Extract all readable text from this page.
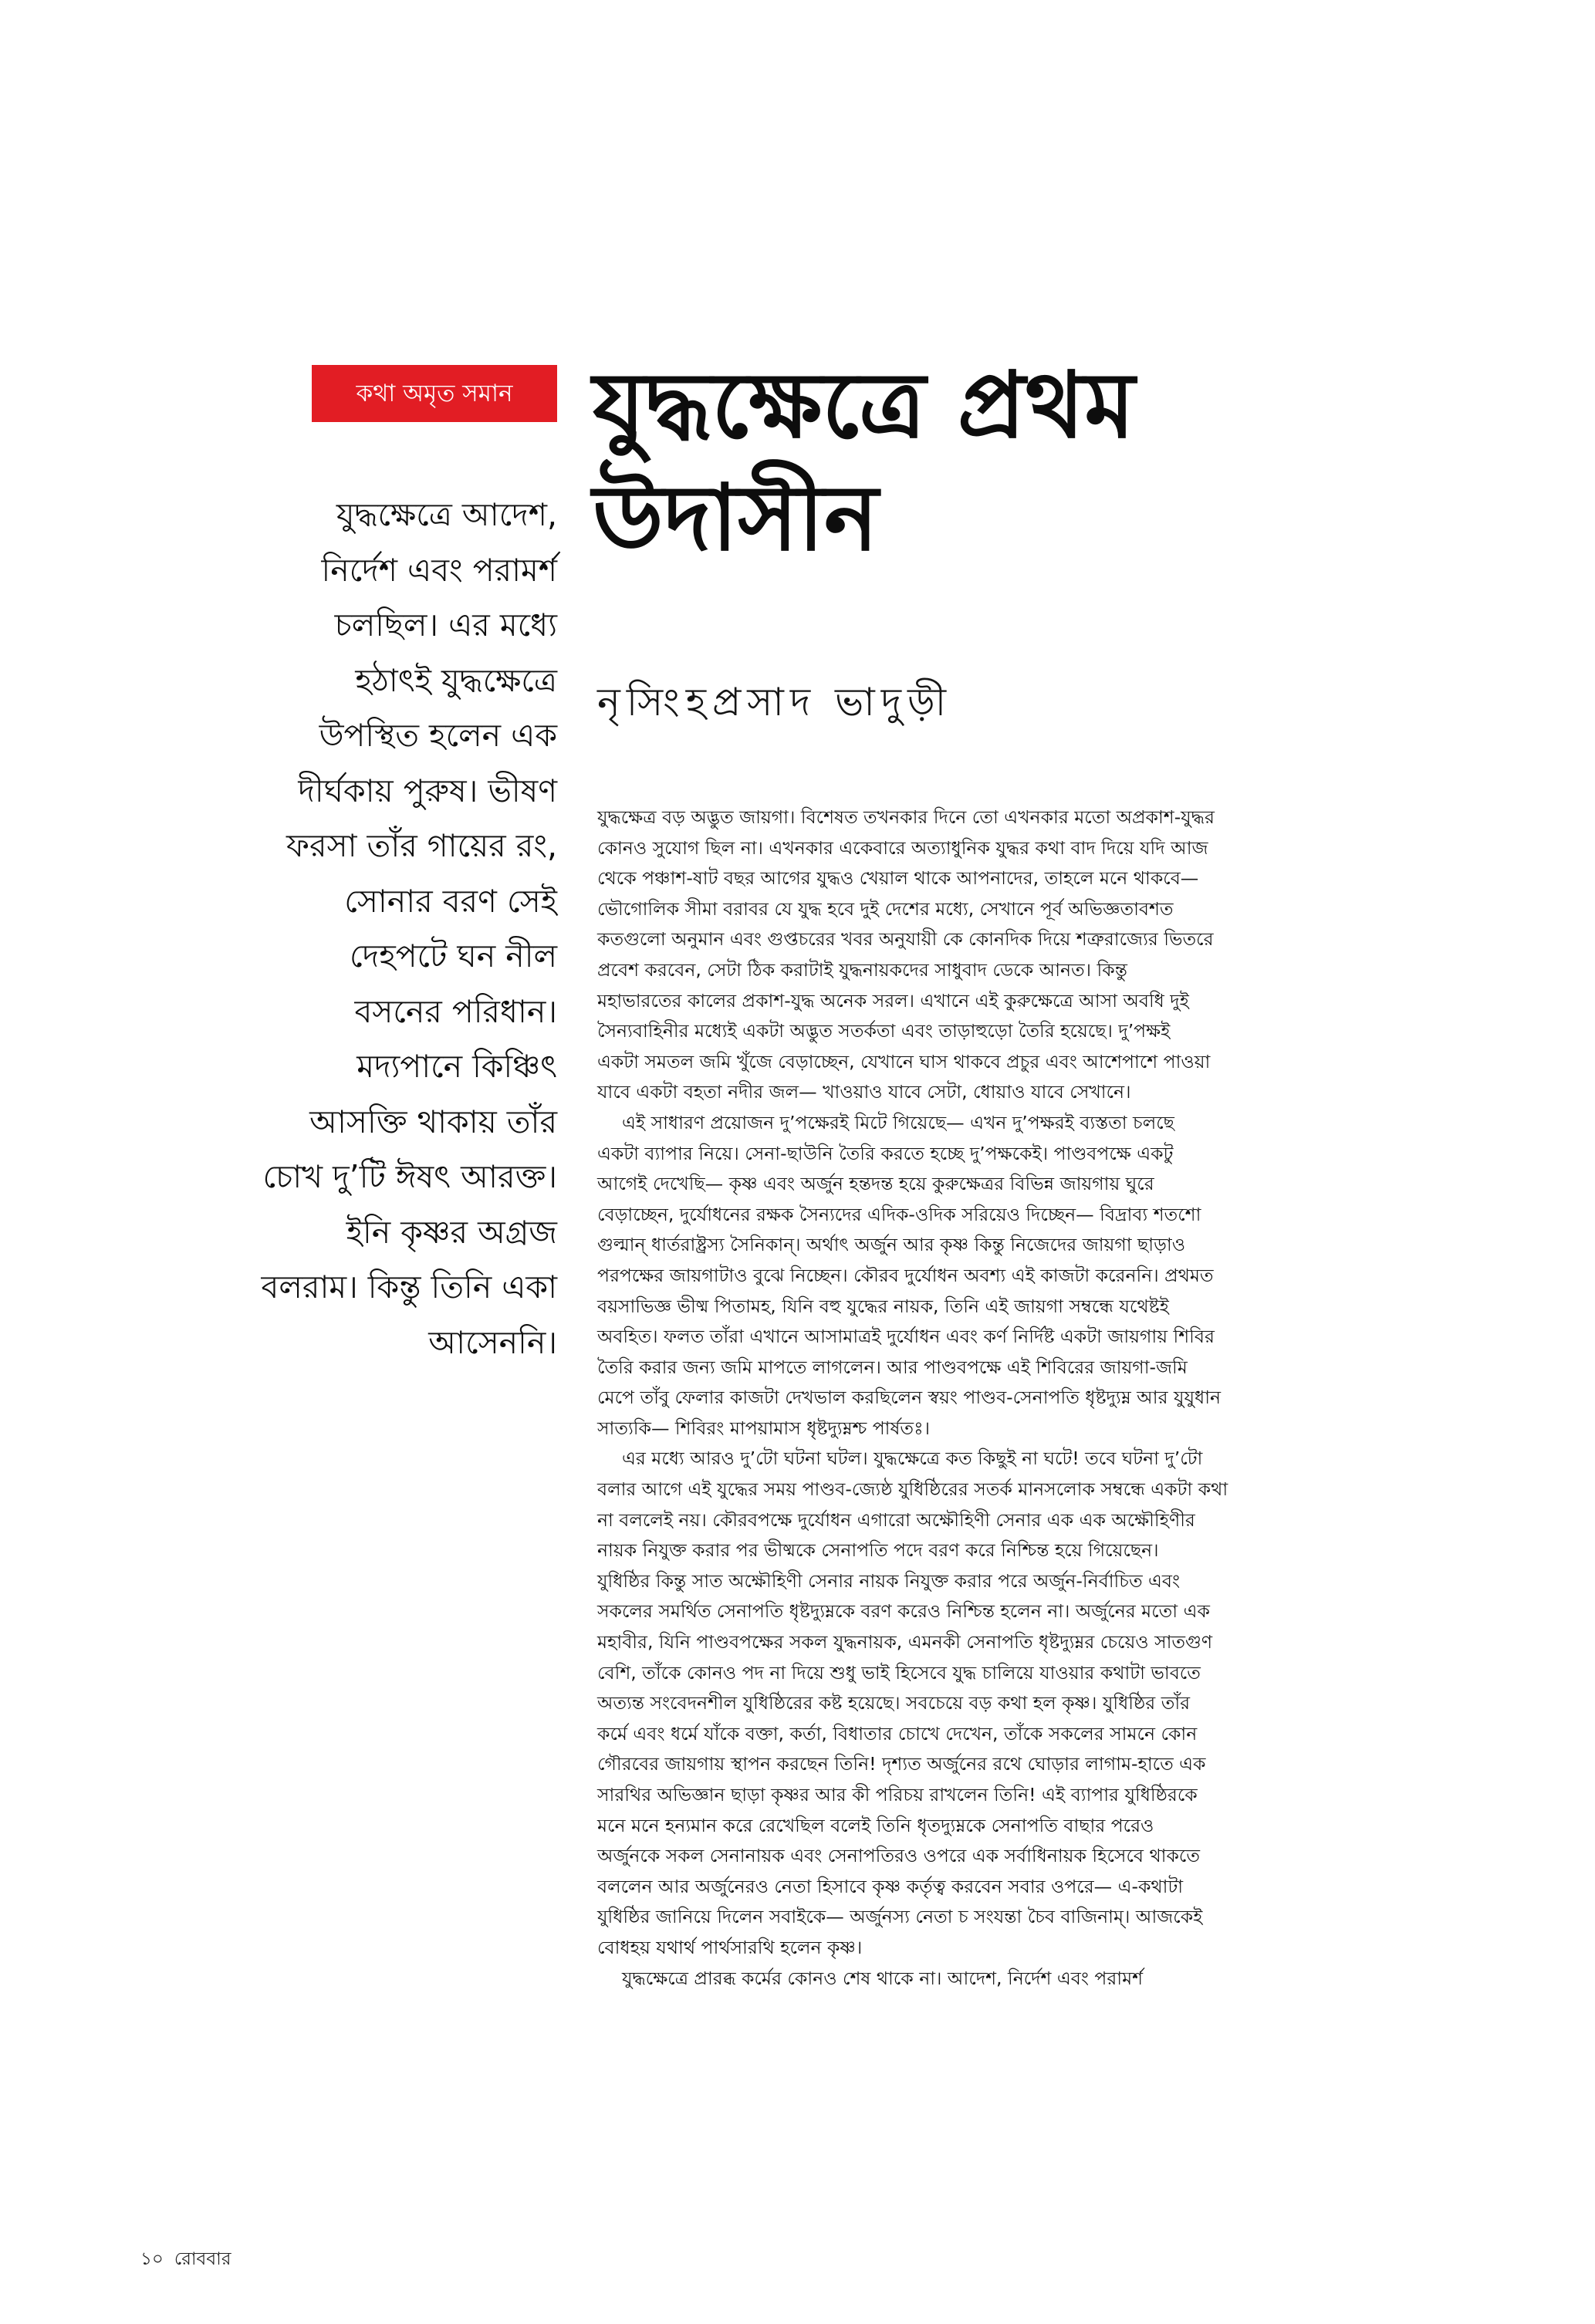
কথা অমৃত সমান যুদ্ধক্ষেত্রে প্রথম
উদাসীন
নৃসিংহপ্রসাদ ভাদুড়ী
যুদ্ধক্ষেত্রে আদেশ,
নির্দেশ এবং পরামর্শ
চলছিল। এর মধ্যে
হঠাৎই যুদ্ধক্ষেত্রে
উপস্থিত হলেন এক
দীর্ঘকায় পুরুষ। ভীষণ
ফরসা তাঁর গায়ের রং,
সোনার বরণ সেই
দেহপটে ঘন নীল
বসনের পরিধান।
মদ্যপানে কিঞ্চিৎ
আসক্তি থাকায় তাঁর
চোখ দু’টি ঈষৎ আরক্ত।
ইনি কৃষ্ণর অগ্রজ
বলরাম। কিন্তু তিনি একা
আসেননি।
যুদ্ধক্ষেত্র বড় অদ্ভুত জায়গা। বিশেষত তখনকার দিনে তো এখনকার মতো অপ্রকাশ-যুদ্ধর
কোনও সুযোগ ছিল না। এখনকার একেবারে অত্যাধুনিক যুদ্ধর কথা বাদ দিয়ে যদি আজ
থেকে পঞ্চাশ-ষাট বছর আগের যুদ্ধও খেয়াল থাকে আপনাদের, তাহলে মনে থাকবে—
ভৌগোলিক সীমা বরাবর যে যুদ্ধ হবে দুই দেশের মধ্যে, সেখানে পূর্ব অভিজ্ঞতাবশত
কতগুলো অনুমান এবং গুপ্তচরের খবর অনুযায়ী কে কোনদিক দিয়ে শত্রুরাজ্যের ভিতরে
প্রবেশ করবেন, সেটা ঠিক করাটাই যুদ্ধনায়কদের সাধুবাদ ডেকে আনত। কিন্তু
মহাভারতের কালের প্রকাশ-যুদ্ধ অনেক সরল। এখানে এই কুরুক্ষেত্রে আসা অবধি দুই
সৈন্যবাহিনীর মধ্যেই একটা অদ্ভুত সতর্কতা এবং তাড়াহুড়ো তৈরি হয়েছে। দু’পক্ষই
একটা সমতল জমি খুঁজে বেড়াচ্ছেন, যেখানে ঘাস থাকবে প্রচুর এবং আশেপাশে পাওয়া
যাবে একটা বহতা নদীর জল— খাওয়াও যাবে সেটা, ধোয়াও যাবে সেখানে।
এই সাধারণ প্রয়োজন দু’পক্ষেরই মিটে গিয়েছে— এখন দু’পক্ষরই ব্যস্ততা চলছে
একটা ব্যাপার নিয়ে। সেনা-ছাউনি তৈরি করতে হচ্ছে দু’পক্ষকেই। পাণ্ডবপক্ষে একটু
আগেই দেখেছি— কৃষ্ণ এবং অর্জুন হন্তদন্ত হয়ে কুরুক্ষেত্রর বিভিন্ন জায়গায় ঘুরে
বেড়াচ্ছেন, দুর্যোধনের রক্ষক সৈন্যদের এদিক-ওদিক সরিয়েও দিচ্ছেন— বিদ্রাব্য শতশো
গুল্মান্ ধার্তরাষ্ট্রস্য সৈনিকান্। অর্থাৎ অর্জুন আর কৃষ্ণ কিন্তু নিজেদের জায়গা ছাড়াও
পরপক্ষের জায়গাটাও বুঝে নিচ্ছেন। কৌরব দুর্যোধন অবশ্য এই কাজটা করেননি। প্রথমত
বয়সাভিজ্ঞ ভীষ্ম পিতামহ, যিনি বহু যুদ্ধের নায়ক, তিনি এই জায়গা সম্বন্ধে যথেষ্টই
অবহিত। ফলত তাঁরা এখানে আসামাত্রই দুর্যোধন এবং কর্ণ নির্দিষ্ট একটা জায়গায় শিবির
তৈরি করার জন্য জমি মাপতে লাগলেন। আর পাণ্ডবপক্ষে এই শিবিরের জায়গা-জমি
মেপে তাঁবু ফেলার কাজটা দেখভাল করছিলেন স্বয়ং পাণ্ডব-সেনাপতি ধৃষ্টদ্যুম্ন আর যুযুধান
সাত্যকি— শিবিরং মাপয়ামাস ধৃষ্টদ্যুম্নশ্চ পার্ষতঃ।
এর মধ্যে আরও দু’টো ঘটনা ঘটল। যুদ্ধক্ষেত্রে কত কিছুই না ঘটে! তবে ঘটনা দু’টো
বলার আগে এই যুদ্ধের সময় পাণ্ডব-জ্যেষ্ঠ যুধিষ্ঠিরের সতর্ক মানসলোক সম্বন্ধে একটা কথা
না বললেই নয়। কৌরবপক্ষে দুর্যোধন এগারো অক্ষৌহিণী সেনার এক এক অক্ষৌহিণীর
নায়ক নিযুক্ত করার পর ভীষ্মকে সেনাপতি পদে বরণ করে নিশ্চিন্ত হয়ে গিয়েছেন।
যুধিষ্ঠির কিন্তু সাত অক্ষৌহিণী সেনার নায়ক নিযুক্ত করার পরে অর্জুন-নির্বাচিত এবং
সকলের সমর্থিত সেনাপতি ধৃষ্টদ্যুম্নকে বরণ করেও নিশ্চিন্ত হলেন না। অর্জুনের মতো এক
মহাবীর, যিনি পাণ্ডবপক্ষের সকল যুদ্ধনায়ক, এমনকী সেনাপতি ধৃষ্টদ্যুম্নর চেয়েও সাতগুণ
বেশি, তাঁকে কোনও পদ না দিয়ে শুধু ভাই হিসেবে যুদ্ধ চালিয়ে যাওয়ার কথাটা ভাবতে
অত্যন্ত সংবেদনশীল যুধিষ্ঠিরের কষ্ট হয়েছে। সবচেয়ে বড় কথা হল কৃষ্ণ। যুধিষ্ঠির তাঁর
কর্মে এবং ধর্মে যাঁকে বক্তা, কর্তা, বিধাতার চোখে দেখেন, তাঁকে সকলের সামনে কোন
গৌরবের জায়গায় স্থাপন করছেন তিনি! দৃশ্যত অর্জুনের রথে ঘোড়ার লাগাম-হাতে এক
সারথির অভিজ্ঞান ছাড়া কৃষ্ণর আর কী পরিচয় রাখলেন তিনি! এই ব্যাপার যুধিষ্ঠিরকে
মনে মনে হন্যমান করে রেখেছিল বলেই তিনি ধৃতদ্যুম্নকে সেনাপতি বাছার পরেও
অর্জুনকে সকল সেনানায়ক এবং সেনাপতিরও ওপরে এক সর্বাধিনায়ক হিসেবে থাকতে
বললেন আর অর্জুনেরও নেতা হিসাবে কৃষ্ণ কর্তৃত্ব করবেন সবার ওপরে— এ-কথাটা
যুধিষ্ঠির জানিয়ে দিলেন সবাইকে— অর্জুনস্য নেতা চ সংযন্তা চৈব বাজিনাম্। আজকেই
বোধহয় যথার্থ পার্থসারথি হলেন কৃষ্ণ।
যুদ্ধক্ষেত্রে প্রারব্ধ কর্মের কোনও শেষ থাকে না। আদেশ, নির্দেশ এবং পরামর্শ
১০ রোববার
